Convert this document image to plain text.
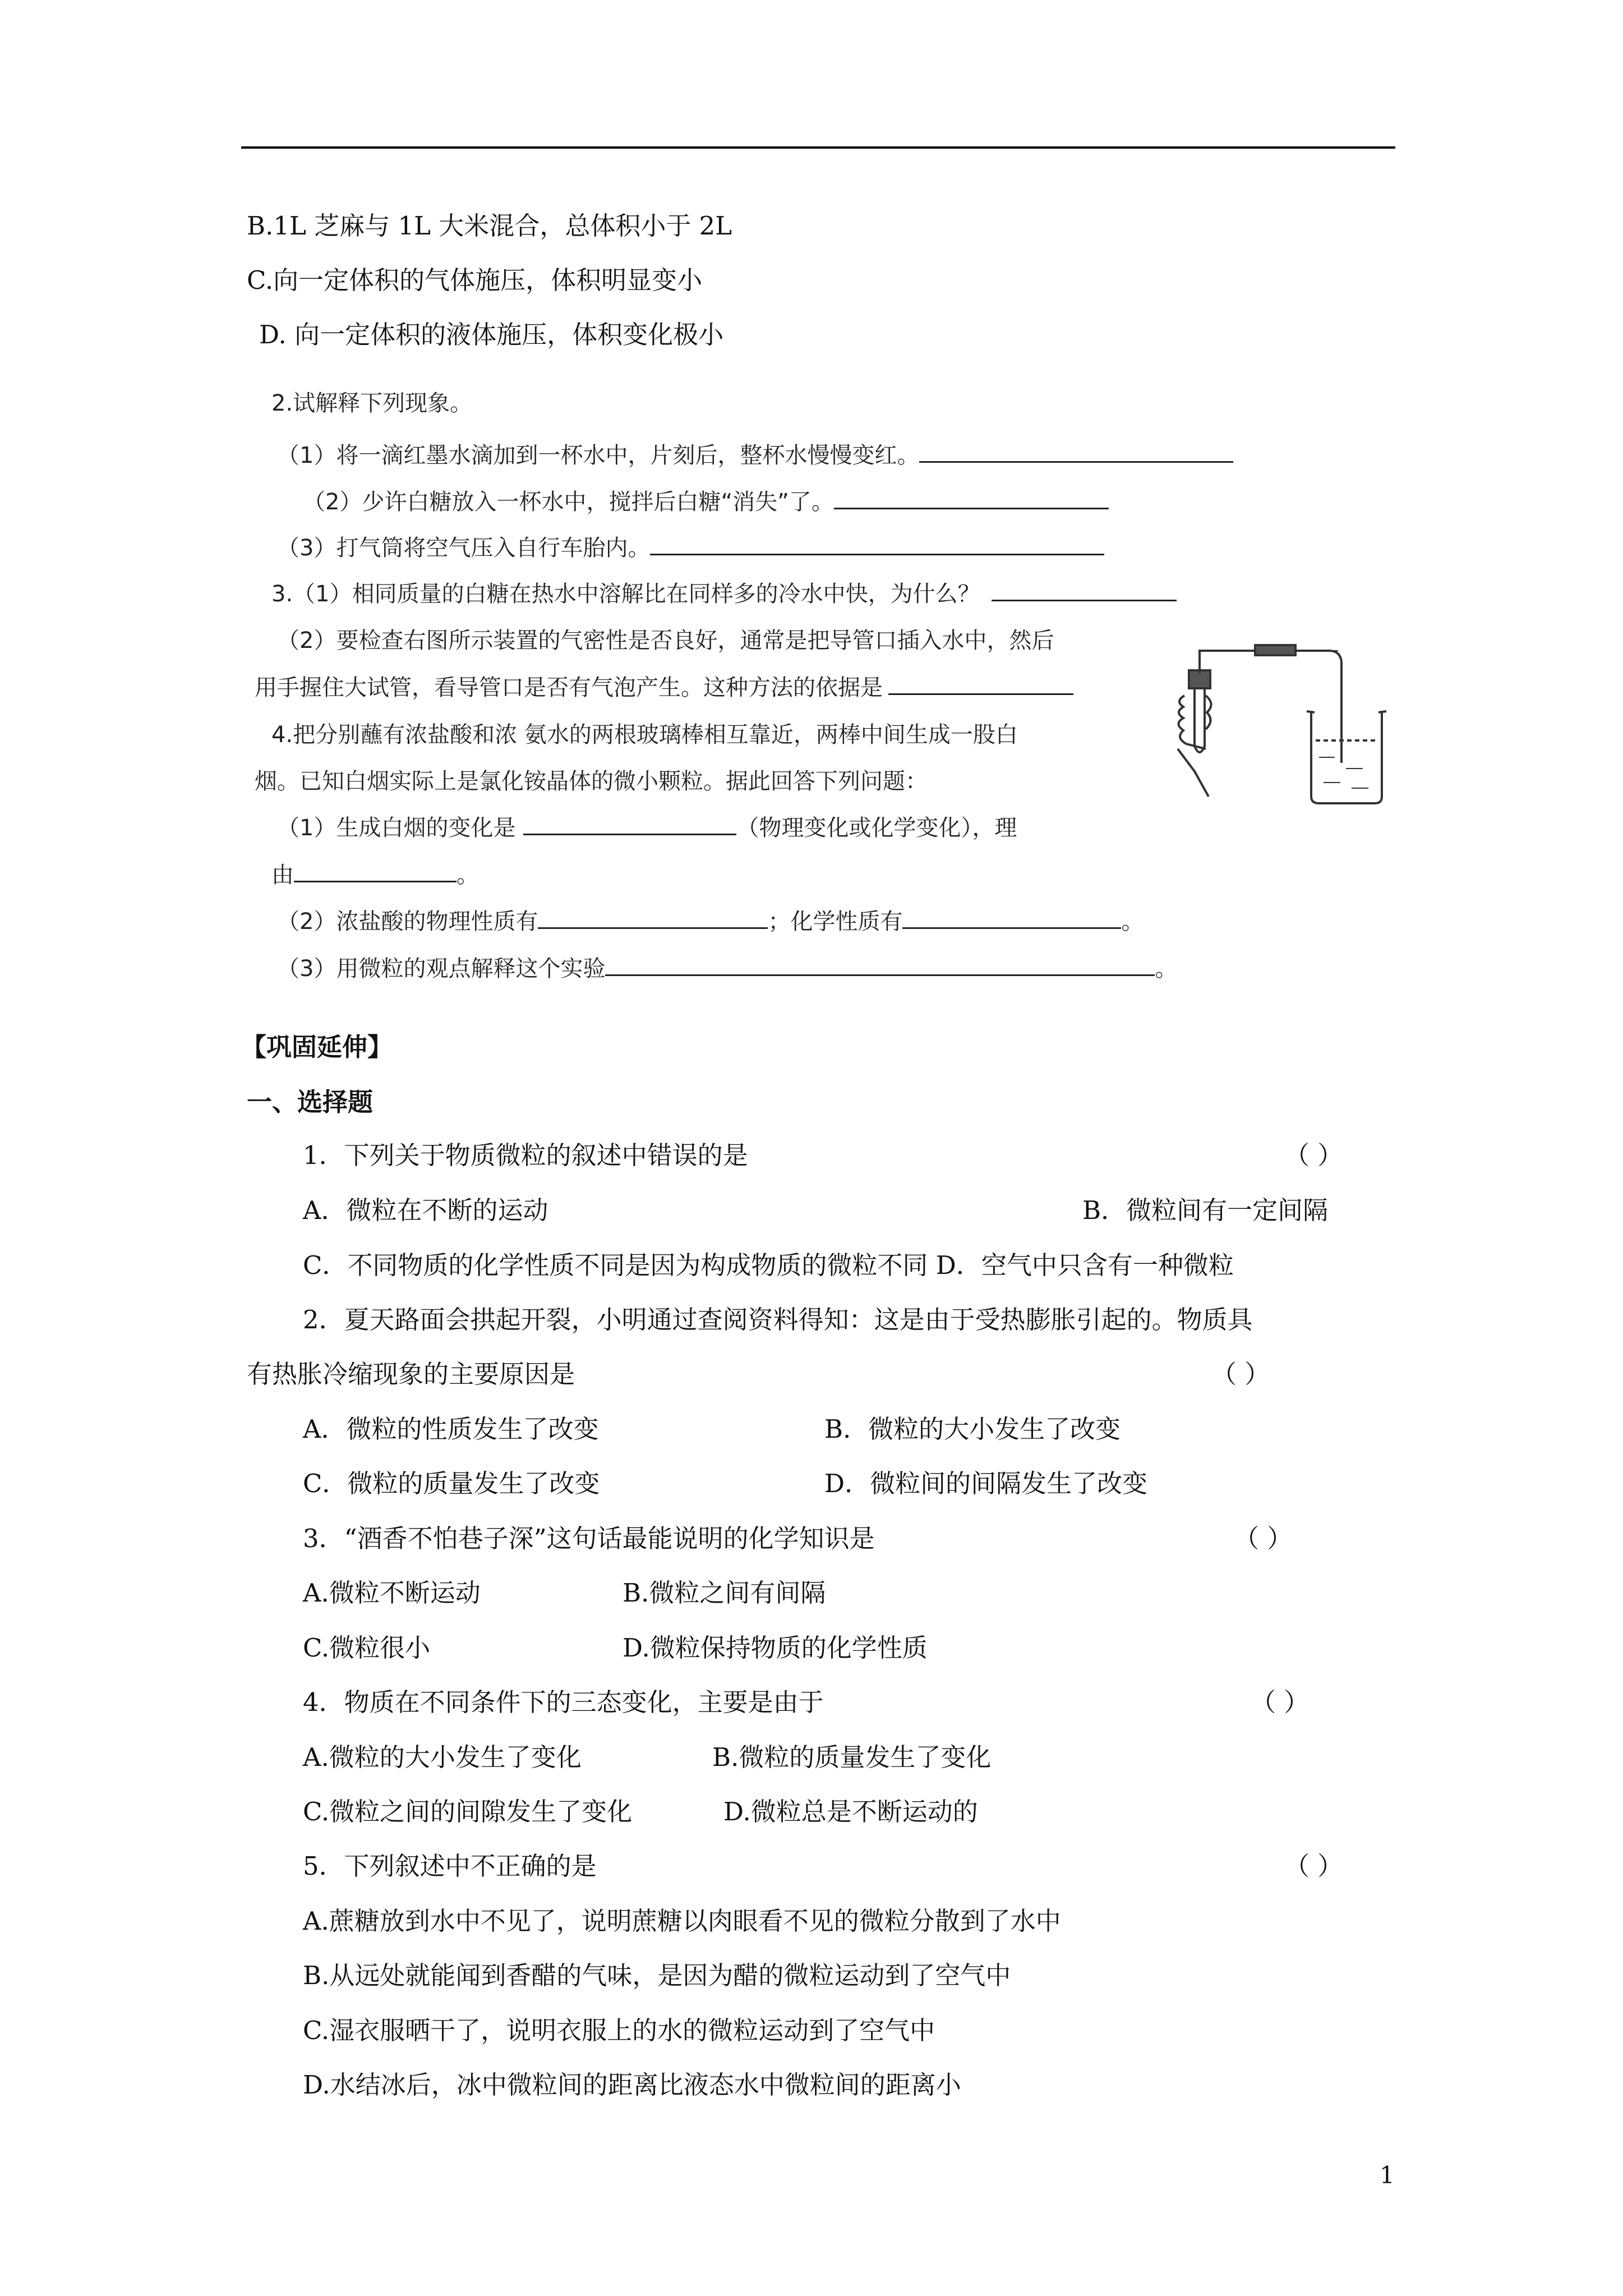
B.1L 芝麻与 1L 大米混合，总体积小于 2L
C.向一定体积的气体施压，体积明显变小
D. 向一定体积的液体施压，体积变化极小
2.试解释下列现象。
（1）将一滴红墨水滴加到一杯水中，片刻后，整杯水慢慢变红。
（2）少许白糖放入一杯水中，搅拌后白糖“消失”了。
（3）打气筒将空气压入自行车胎内。
3.（1）相同质量的白糖在热水中溶解比在同样多的冷水中快，为什么？
（2）要检查右图所示装置的气密性是否良好，通常是把导管口插入水中，然后
用手握住大试管，看导管口是否有气泡产生。这种方法的依据是
4.把分别蘸有浓盐酸和浓 氨水的两根玻璃棒相互靠近，两棒中间生成一股白
烟。已知白烟实际上是氯化铵晶体的微小颗粒。据此回答下列问题：
（1）生成白烟的变化是	（物理变化或化学变化），理
由	。
（2）浓盐酸的物理性质有	；化学性质有	。
（3）用微粒的观点解释这个实验	。
【巩固延伸】
一、选择题
1．下列关于物质微粒的叙述中错误的是	（ ）
A．微粒在不断的运动	B．微粒间有一定间隔
C．不同物质的化学性质不同是因为构成物质的微粒不同 D．空气中只含有一种微粒
2．夏天路面会拱起开裂，小明通过查阅资料得知：这是由于受热膨胀引起的。物质具
有热胀冷缩现象的主要原因是	（ ）
A．微粒的性质发生了改变	B．微粒的大小发生了改变
C．微粒的质量发生了改变	D．微粒间的间隔发生了改变
3．“酒香不怕巷子深”这句话最能说明的化学知识是	（ ）
A.微粒不断运动	B.微粒之间有间隔
C.微粒很小	D.微粒保持物质的化学性质
4．物质在不同条件下的三态变化，主要是由于	（ ）
A.微粒的大小发生了变化	B.微粒的质量发生了变化
C.微粒之间的间隙发生了变化	D.微粒总是不断运动的
5．下列叙述中不正确的是	（ ）
A.蔗糖放到水中不见了，说明蔗糖以肉眼看不见的微粒分散到了水中
B.从远处就能闻到香醋的气味，是因为醋的微粒运动到了空气中
C.湿衣服晒干了，说明衣服上的水的微粒运动到了空气中
D.水结冰后，冰中微粒间的距离比液态水中微粒间的距离小
1
